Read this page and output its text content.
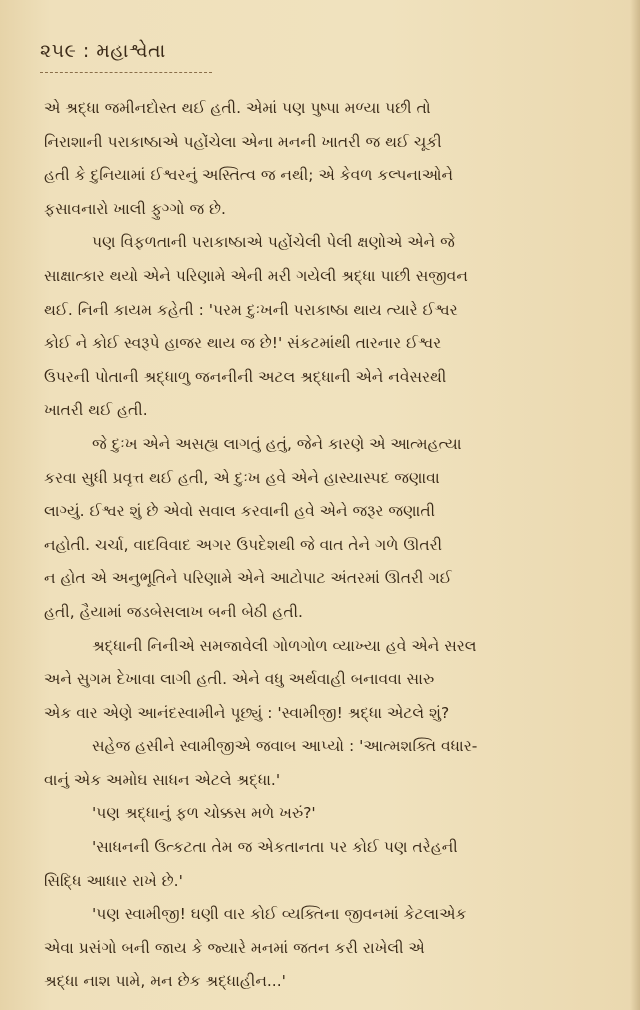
૨૫૯ : મહાશ્વેતા

એ શ્રદ્ધા જમીનદોસ્ત થઈ હતી. એમાં પણ પુષ્પા મળ્યા પછી તો
નિરાશાની પરાકાષ્ઠાએ પહોંચેલા એના મનની ખાતરી જ થઈ ચૂકી
હતી કે દુનિયામાં ઈશ્વરનું અસ્તિત્વ જ નથી; એ કેવળ કલ્પનાઓને
ફસાવનારો ખાલી ફુગ્ગો જ છે.

પણ વિફળતાની પરાકાષ્ઠાએ પહોંચેલી પેલી ક્ષણોએ એને જે
સાક્ષાત્કાર થયો એને પરિણામે એની મરી ગયેલી શ્રદ્ધા પાછી સજીવન
થઈ. નિની કાયમ કહેતી : 'પરમ દુઃખની પરાકાષ્ઠા થાય ત્યારે ઈશ્વર
કોઈ ને કોઈ સ્વરૂપે હાજર થાય જ છે!' સંકટમાંથી તારનાર ઈશ્વર
ઉપરની પોતાની શ્રદ્ધાળુ જનનીની અટલ શ્રદ્ધાની એને નવેસરથી
ખાતરી થઈ હતી.

જે દુઃખ એને અસહ્ય લાગતું હતું, જેને કારણે એ આત્મહત્યા
કરવા સુધી પ્રવૃત્ત થઈ હતી, એ દુઃખ હવે એને હાસ્યાસ્પદ જણાવા
લાગ્યું. ઈશ્વર શું છે એવો સવાલ કરવાની હવે એને જરૂર જણાતી
નહોતી. ચર્ચા, વાદવિવાદ અગર ઉપદેશથી જે વાત તેને ગળે ઊતરી
ન હોત એ અનુભૂતિને પરિણામે એને આટોપાટ અંતરમાં ઊતરી ગઈ
હતી, હૈયામાં જડબેસલાખ બની બેઠી હતી.

શ્રદ્ધાની નિનીએ સમજાવેલી ગોળગોળ વ્યાખ્યા હવે એને સરલ
અને સુગમ દેખાવા લાગી હતી. એને વધુ અર્થવાહી બનાવવા સારુ
એક વાર એણે આનંદસ્વામીને પૂછ્યું : 'સ્વામીજી! શ્રદ્ધા એટલે શું?

સહેજ હસીને સ્વામીજીએ જવાબ આપ્યો : 'આત્મશક્તિ વધાર-
વાનું એક અમોઘ સાધન એટલે શ્રદ્ધા.'

'પણ શ્રદ્ધાનું ફળ ચોક્કસ મળે ખરું?'

'સાધનની ઉત્કટતા તેમ જ એકતાનતા પર કોઈ પણ તરેહની
સિદ્ધિ આધાર રાખે છે.'

'પણ સ્વામીજી! ઘણી વાર કોઈ વ્યક્તિના જીવનમાં કેટલાએક
એવા પ્રસંગો બની જાય કે જ્યારે મનમાં જતન કરી રાખેલી એ
શ્રદ્ધા નાશ પામે, મન છેક શ્રદ્ધાહીન...'
